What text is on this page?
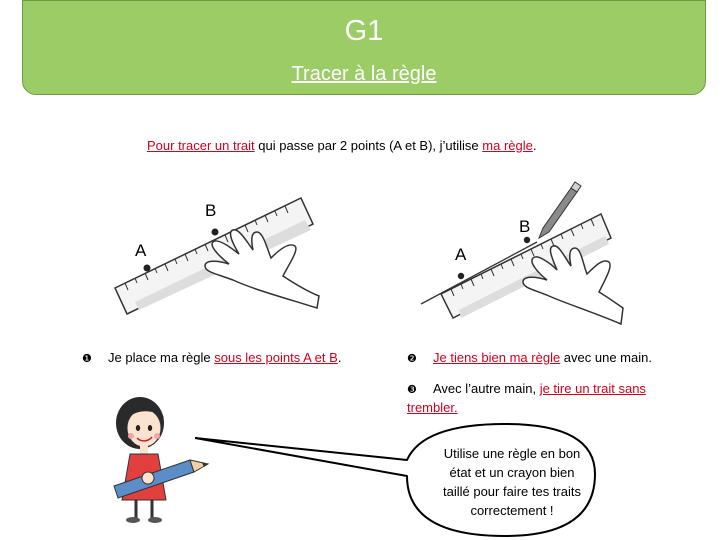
G1
Tracer à la règle
Pour tracer un trait qui passe par 2 points (A et B), j’utilise ma règle.
A
B
A
B
❶ Je place ma règle sous les points A et B.	❷ Je tiens bien ma règle avec une main.
❸ Avec l’autre main, je tire un trait sans trembler.
Utilise une règle en bon état et un crayon bien taillé pour faire tes traits correctement !
